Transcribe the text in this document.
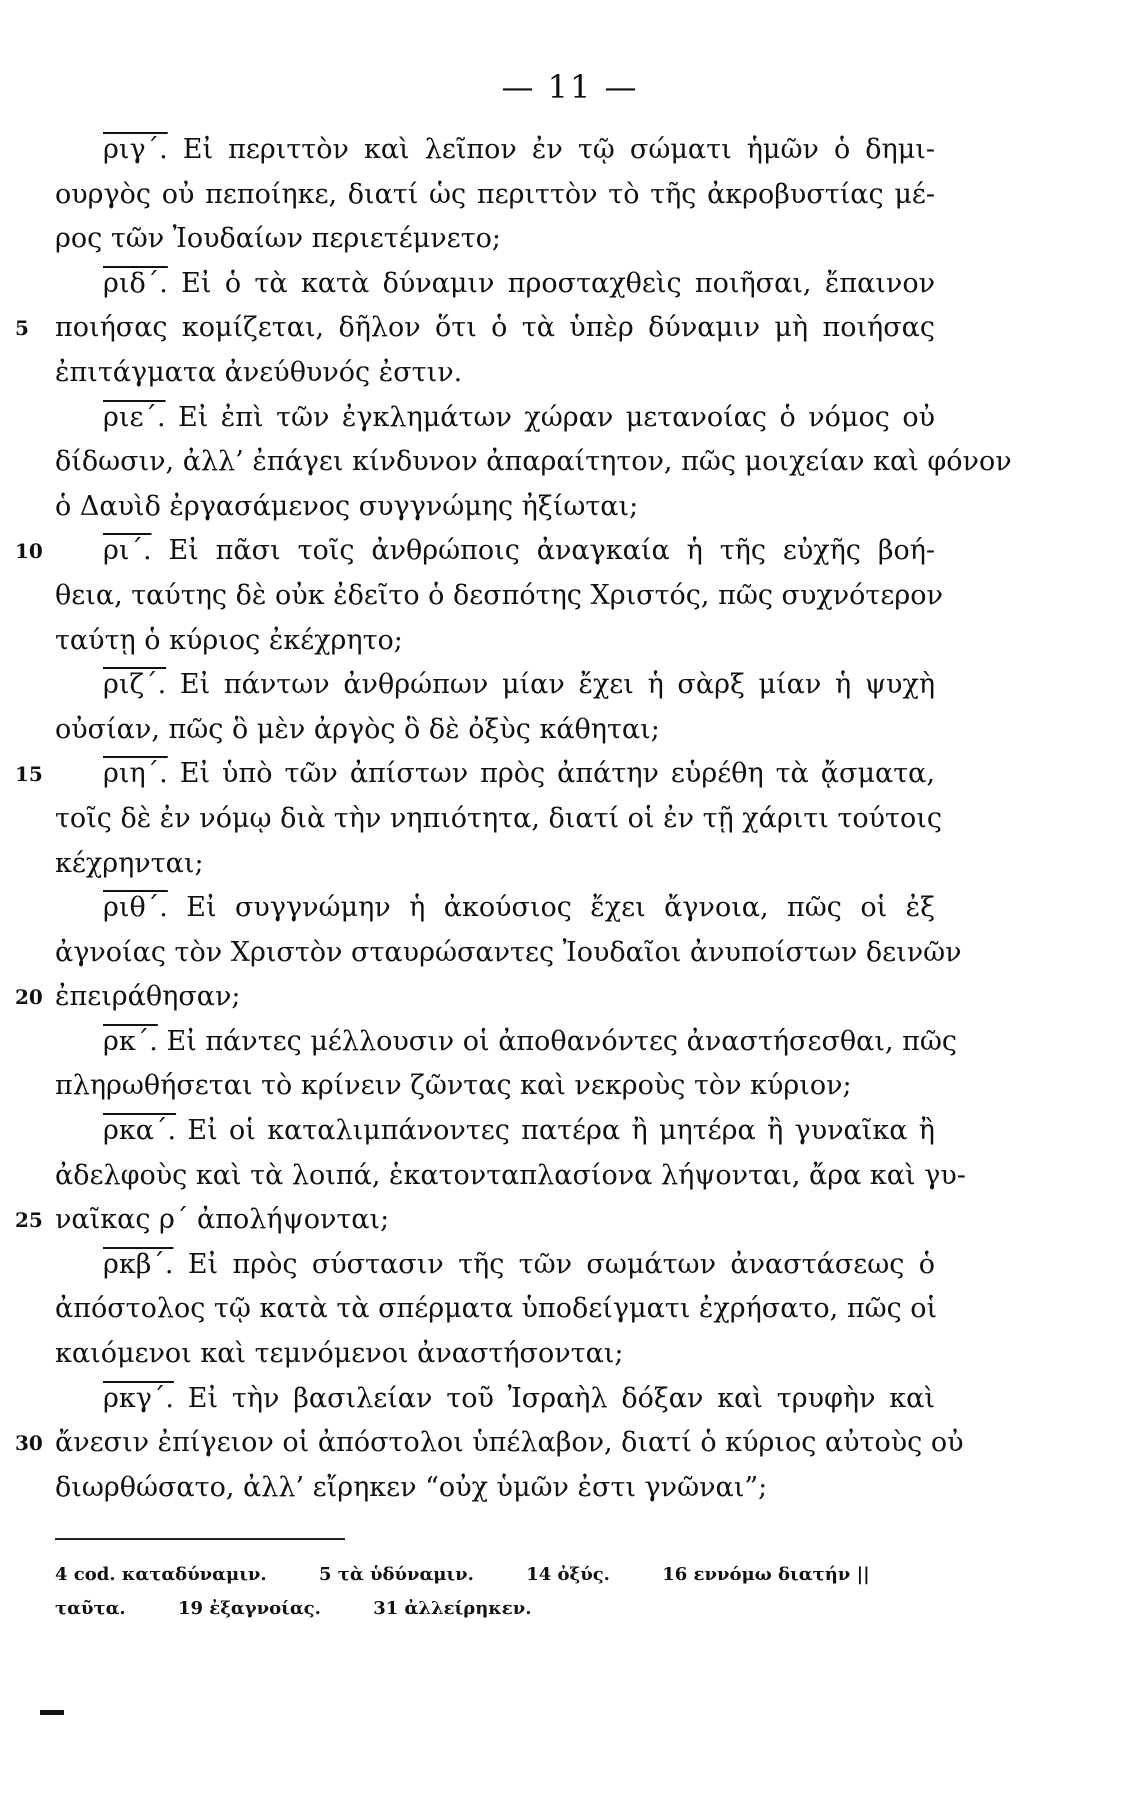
— 11 —
ριγ΄. Εἰ περιττὸν καὶ λεῖπον ἐν τῷ σώματι ἡμῶν ὁ δημι-
ουργὸς οὐ πεποίηκε, διατί ὡς περιττὸν τὸ τῆς ἀκροβυστίας μέ-
ρος τῶν Ἰουδαίων περιετέμνετο;
ριδ΄. Εἰ ὁ τὰ κατὰ δύναμιν προσταχθεὶς ποιῆσαι, ἔπαινον
5 ποιήσας κομίζεται, δῆλον ὅτι ὁ τὰ ὑπὲρ δύναμιν μὴ ποιήσας
ἐπιτάγματα ἀνεύθυνός ἐστιν.
ριε΄. Εἰ ἐπὶ τῶν ἐγκλημάτων χώραν μετανοίας ὁ νόμος οὐ
δίδωσιν, ἀλλ’ ἐπάγει κίνδυνον ἀπαραίτητον, πῶς μοιχείαν καὶ φόνον
ὁ Δαυὶδ ἐργασάμενος συγγνώμης ἠξίωται;
10 ρι΄. Εἰ πᾶσι τοῖς ἀνθρώποις ἀναγκαία ἡ τῆς εὐχῆς βοή-
θεια, ταύτης δὲ οὐκ ἐδεῖτο ὁ δεσπότης Χριστός, πῶς συχνότερον
ταύτῃ ὁ κύριος ἐκέχρητο;
ριζ΄. Εἰ πάντων ἀνθρώπων μίαν ἔχει ἡ σὰρξ μίαν ἡ ψυχὴ
οὐσίαν, πῶς ὃ μὲν ἀργὸς ὃ δὲ ὀξὺς κάθηται;
15 ριη΄. Εἰ ὑπὸ τῶν ἀπίστων πρὸς ἀπάτην εὑρέθη τὰ ᾄσματα,
τοῖς δὲ ἐν νόμῳ διὰ τὴν νηπιότητα, διατί οἱ ἐν τῇ χάριτι τούτοις
κέχρηνται;
ριθ΄. Εἰ συγγνώμην ἡ ἀκούσιος ἔχει ἄγνοια, πῶς οἱ ἐξ
ἀγνοίας τὸν Χριστὸν σταυρώσαντες Ἰουδαῖοι ἀνυποίστων δεινῶν
20 ἐπειράθησαν;
ρκ΄. Εἰ πάντες μέλλουσιν οἱ ἀποθανόντες ἀναστήσεσθαι, πῶς
πληρωθήσεται τὸ κρίνειν ζῶντας καὶ νεκροὺς τὸν κύριον;
ρκα΄. Εἰ οἱ καταλιμπάνοντες πατέρα ἢ μητέρα ἢ γυναῖκα ἢ
ἀδελφοὺς καὶ τὰ λοιπά, ἑκατονταπλασίονα λήψονται, ἄρα καὶ γυ-
25 ναῖκας ρ΄ ἀπολήψονται;
ρκβ΄. Εἰ πρὸς σύστασιν τῆς τῶν σωμάτων ἀναστάσεως ὁ
ἀπόστολος τῷ κατὰ τὰ σπέρματα ὑποδείγματι ἐχρήσατο, πῶς οἱ
καιόμενοι καὶ τεμνόμενοι ἀναστήσονται;
ρκγ΄. Εἰ τὴν βασιλείαν τοῦ Ἰσραὴλ δόξαν καὶ τρυφὴν καὶ
30 ἄνεσιν ἐπίγειον οἱ ἀπόστολοι ὑπέλαβον, διατί ὁ κύριος αὐτοὺς οὐ
διωρθώσατο, ἀλλ’ εἴρηκεν “οὐχ ὑμῶν ἐστι γνῶναι”;
4 cod. καταδύναμιν.	5 τὰ ὑδύναμιν.	14 ὀξύς.	16 εννόμω διατήν ||
ταῦτα.	19 ἐξαγνοίας.	31 ἀλλείρηκεν.
